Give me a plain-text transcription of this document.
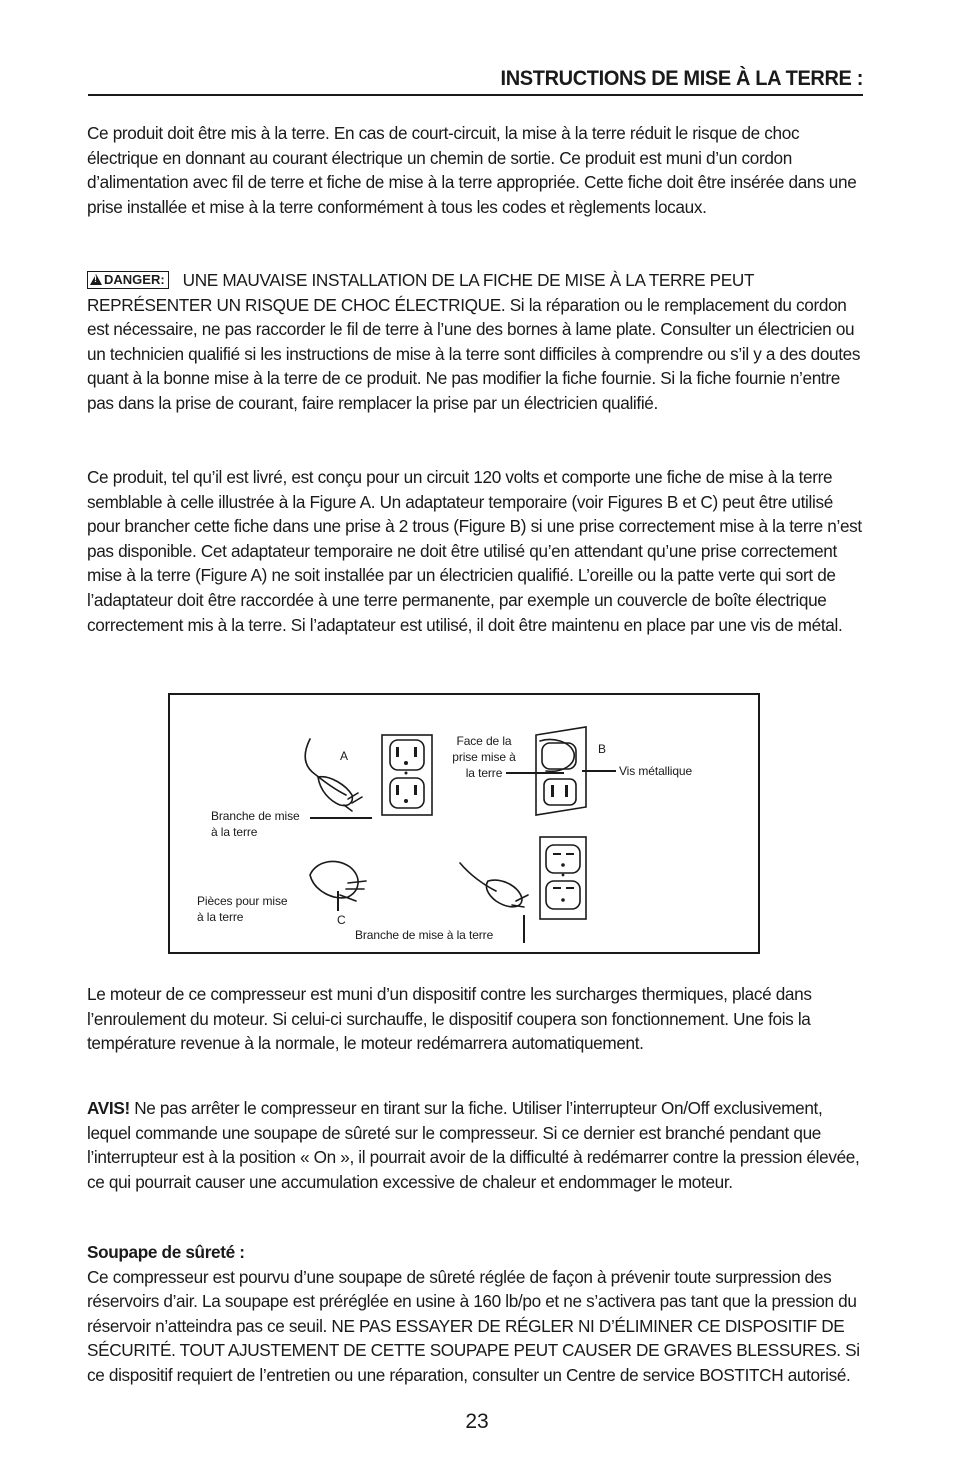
INSTRUCTIONS DE MISE À LA TERRE :

Ce produit doit être mis à la terre. En cas de court-circuit, la mise à la terre réduit le risque de choc électrique en donnant au courant électrique un chemin de sortie. Ce produit est muni d’un cordon d’alimentation avec fil de terre et fiche de mise à la terre appropriée. Cette fiche doit être insérée dans une prise installée et mise à la terre conformément à tous les codes et règlements locaux.

!DANGER: UNE MAUVAISE INSTALLATION DE LA FICHE DE MISE À LA TERRE PEUT REPRÉSENTER UN RISQUE DE CHOC ÉLECTRIQUE. Si la réparation ou le remplacement du cordon est nécessaire, ne pas raccorder le fil de terre à l’une des bornes à lame plate. Consulter un électricien ou un technicien qualifié si les instructions de mise à la terre sont difficiles à comprendre ou s’il y a des doutes quant à la bonne mise à la terre de ce produit. Ne pas modifier la fiche fournie. Si la fiche fournie n’entre pas dans la prise de courant, faire remplacer la prise par un électricien qualifié.

Ce produit, tel qu’il est livré, est conçu pour un circuit 120 volts et comporte une fiche de mise à la terre semblable à celle illustrée à la Figure A. Un adaptateur temporaire (voir Figures B et C) peut être utilisé pour brancher cette fiche dans une prise à 2 trous (Figure B) si une prise correctement mise à la terre n’est pas disponible. Cet adaptateur temporaire ne doit être utilisé qu’en attendant qu’une prise correctement mise à la terre (Figure A) ne soit installée par un électricien qualifié. L’oreille ou la patte verte qui sort de l’adaptateur doit être raccordée à une terre permanente, par exemple un couvercle de boîte électrique correctement mis à la terre. Si l’adaptateur est utilisé, il doit être maintenu en place par une vis de métal.

A	B
C
Face de la
prise mise à
la terre	Vis métallique
Branche de mise
à la terre
Pièces pour mise
à la terre
Branche de mise à la terre

Le moteur de ce compresseur est muni d’un dispositif contre les surcharges thermiques, placé dans l’enroulement du moteur. Si celui-ci surchauffe, le dispositif coupera son fonctionnement. Une fois la température revenue à la normale, le moteur redémarrera automatiquement.

AVIS! Ne pas arrêter le compresseur en tirant sur la fiche. Utiliser l’interrupteur On/Off exclusivement, lequel commande une soupape de sûreté sur le compresseur. Si ce dernier est branché pendant que l’interrupteur est à la position « On », il pourrait avoir de la difficulté à redémarrer contre la pression élevée, ce qui pourrait causer une accumulation excessive de chaleur et endommager le moteur.

Soupape de sûreté :
Ce compresseur est pourvu d’une soupape de sûreté réglée de façon à prévenir toute surpression des réservoirs d’air. La soupape est préréglée en usine à 160 lb/po et ne s’activera pas tant que la pression du réservoir n’atteindra pas ce seuil. NE PAS ESSAYER DE RÉGLER NI D’ÉLIMINER CE DISPOSITIF DE SÉCURITÉ. TOUT AJUSTEMENT DE CETTE SOUPAPE PEUT CAUSER DE GRAVES BLESSURES. Si ce dispositif requiert de l’entretien ou une réparation, consulter un Centre de service BOSTITCH autorisé.

23
